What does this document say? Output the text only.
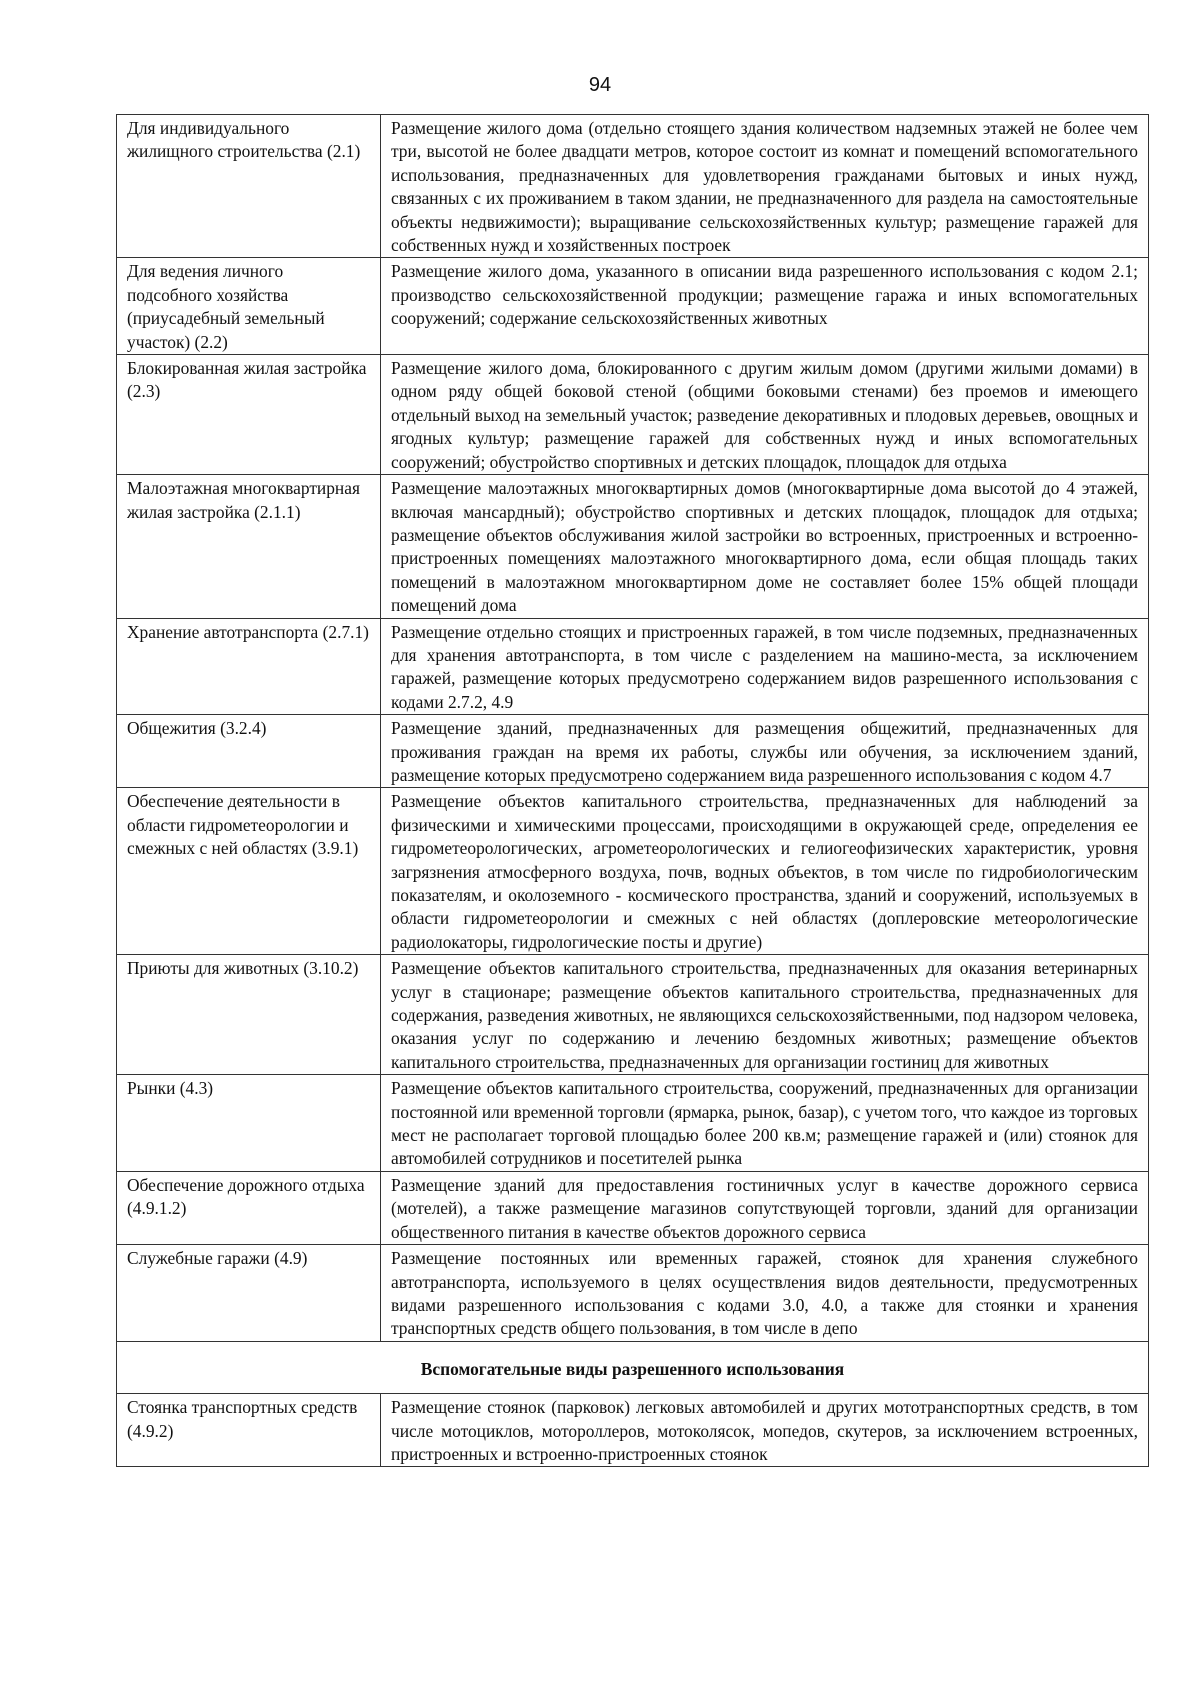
94
Для индивидуального жилищного строительства (2.1)	Размещение жилого дома (отдельно стоящего здания количеством надземных этажей не более чем три, высотой не более двадцати метров, которое состоит из комнат и помещений вспомогательного использования, предназначенных для удовлетворения гражданами бытовых и иных нужд, связанных с их проживанием в таком здании, не предназначенного для раздела на самостоятельные объекты недвижимости); выращивание сельскохозяйственных культур; размещение гаражей для собственных нужд и хозяйственных построек
Для ведения личного подсобного хозяйства (приусадебный земельный участок) (2.2)	Размещение жилого дома, указанного в описании вида разрешенного использования с кодом 2.1; производство сельскохозяйственной продукции; размещение гаража и иных вспомогательных сооружений; содержание сельскохозяйственных животных
Блокированная жилая застройка (2.3)	Размещение жилого дома, блокированного с другим жилым домом (другими жилыми домами) в одном ряду общей боковой стеной (общими боковыми стенами) без проемов и имеющего отдельный выход на земельный участок; разведение декоративных и плодовых деревьев, овощных и ягодных культур; размещение гаражей для собственных нужд и иных вспомогательных сооружений; обустройство спортивных и детских площадок, площадок для отдыха
Малоэтажная многоквартирная жилая застройка (2.1.1)	Размещение малоэтажных многоквартирных домов (многоквартирные дома высотой до 4 этажей, включая мансардный); обустройство спортивных и детских площадок, площадок для отдыха; размещение объектов обслуживания жилой застройки во встроенных, пристроенных и встроенно-пристроенных помещениях малоэтажного многоквартирного дома, если общая площадь таких помещений в малоэтажном многоквартирном доме не составляет более 15% общей площади помещений дома
Хранение автотранспорта (2.7.1)	Размещение отдельно стоящих и пристроенных гаражей, в том числе подземных, предназначенных для хранения автотранспорта, в том числе с разделением на машино-места, за исключением гаражей, размещение которых предусмотрено содержанием видов разрешенного использования с кодами 2.7.2, 4.9
Общежития (3.2.4)	Размещение зданий, предназначенных для размещения общежитий, предназначенных для проживания граждан на время их работы, службы или обучения, за исключением зданий, размещение которых предусмотрено содержанием вида разрешенного использования с кодом 4.7
Обеспечение деятельности в области гидрометеорологии и смежных с ней областях (3.9.1)	Размещение объектов капитального строительства, предназначенных для наблюдений за физическими и химическими процессами, происходящими в окружающей среде, определения ее гидрометеорологических, агрометеорологических и гелиогеофизических характеристик, уровня загрязнения атмосферного воздуха, почв, водных объектов, в том числе по гидробиологическим показателям, и околоземного - космического пространства, зданий и сооружений, используемых в области гидрометеорологии и смежных с ней областях (доплеровские метеорологические радиолокаторы, гидрологические посты и другие)
Приюты для животных (3.10.2)	Размещение объектов капитального строительства, предназначенных для оказания ветеринарных услуг в стационаре; размещение объектов капитального строительства, предназначенных для содержания, разведения животных, не являющихся сельскохозяйственными, под надзором человека, оказания услуг по содержанию и лечению бездомных животных; размещение объектов капитального строительства, предназначенных для организации гостиниц для животных
Рынки (4.3)	Размещение объектов капитального строительства, сооружений, предназначенных для организации постоянной или временной торговли (ярмарка, рынок, базар), с учетом того, что каждое из торговых мест не располагает торговой площадью более 200 кв.м; размещение гаражей и (или) стоянок для автомобилей сотрудников и посетителей рынка
Обеспечение дорожного отдыха (4.9.1.2)	Размещение зданий для предоставления гостиничных услуг в качестве дорожного сервиса (мотелей), а также размещение магазинов сопутствующей торговли, зданий для организации общественного питания в качестве объектов дорожного сервиса
Служебные гаражи (4.9)	Размещение постоянных или временных гаражей, стоянок для хранения служебного автотранспорта, используемого в целях осуществления видов деятельности, предусмотренных видами разрешенного использования с кодами 3.0, 4.0, а также для стоянки и хранения транспортных средств общего пользования, в том числе в депо
Вспомогательные виды разрешенного использования	
Стоянка транспортных средств (4.9.2)	Размещение стоянок (парковок) легковых автомобилей и других мототранспортных средств, в том числе мотоциклов, мотороллеров, мотоколясок, мопедов, скутеров, за исключением встроенных, пристроенных и встроенно-пристроенных стоянок
